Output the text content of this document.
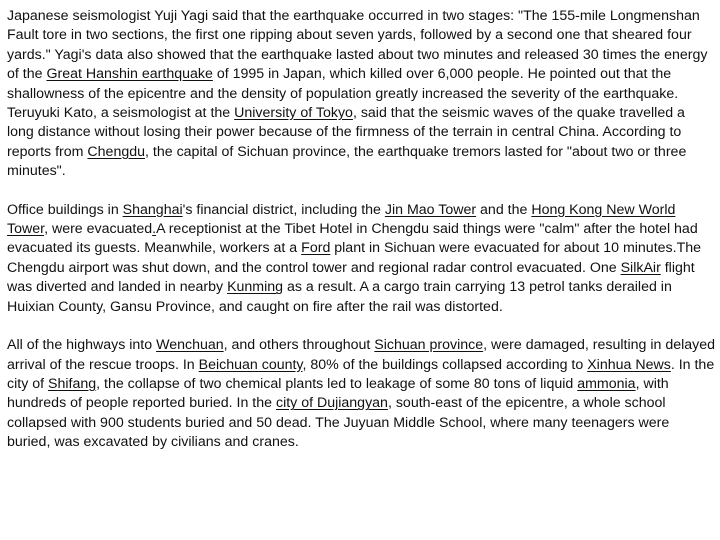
Japanese seismologist Yuji Yagi said that the earthquake occurred in two stages: "The 155-mile Longmenshan Fault tore in two sections, the first one ripping about seven yards, followed by a second one that sheared four yards." Yagi's data also showed that the earthquake lasted about two minutes and released 30 times the energy of the Great Hanshin earthquake of 1995 in Japan, which killed over 6,000 people. He pointed out that the shallowness of the epicentre and the density of population greatly increased the severity of the earthquake. Teruyuki Kato, a seismologist at the University of Tokyo, said that the seismic waves of the quake travelled a long distance without losing their power because of the firmness of the terrain in central China. According to reports from Chengdu, the capital of Sichuan province, the earthquake tremors lasted for "about two or three minutes".

Office buildings in Shanghai's financial district, including the Jin Mao Tower and the Hong Kong New World Tower, were evacuated.A receptionist at the Tibet Hotel in Chengdu said things were "calm" after the hotel had evacuated its guests. Meanwhile, workers at a Ford plant in Sichuan were evacuated for about 10 minutes.The Chengdu airport was shut down, and the control tower and regional radar control evacuated. One SilkAir flight was diverted and landed in nearby Kunming as a result. A a cargo train carrying 13 petrol tanks derailed in Huixian County, Gansu Province, and caught on fire after the rail was distorted.

All of the highways into Wenchuan, and others throughout Sichuan province, were damaged, resulting in delayed arrival of the rescue troops. In Beichuan county, 80% of the buildings collapsed according to Xinhua News. In the city of Shifang, the collapse of two chemical plants led to leakage of some 80 tons of liquid ammonia, with hundreds of people reported buried. In the city of Dujiangyan, south-east of the epicentre, a whole school collapsed with 900 students buried and 50 dead. The Juyuan Middle School, where many teenagers were buried, was excavated by civilians and cranes.
